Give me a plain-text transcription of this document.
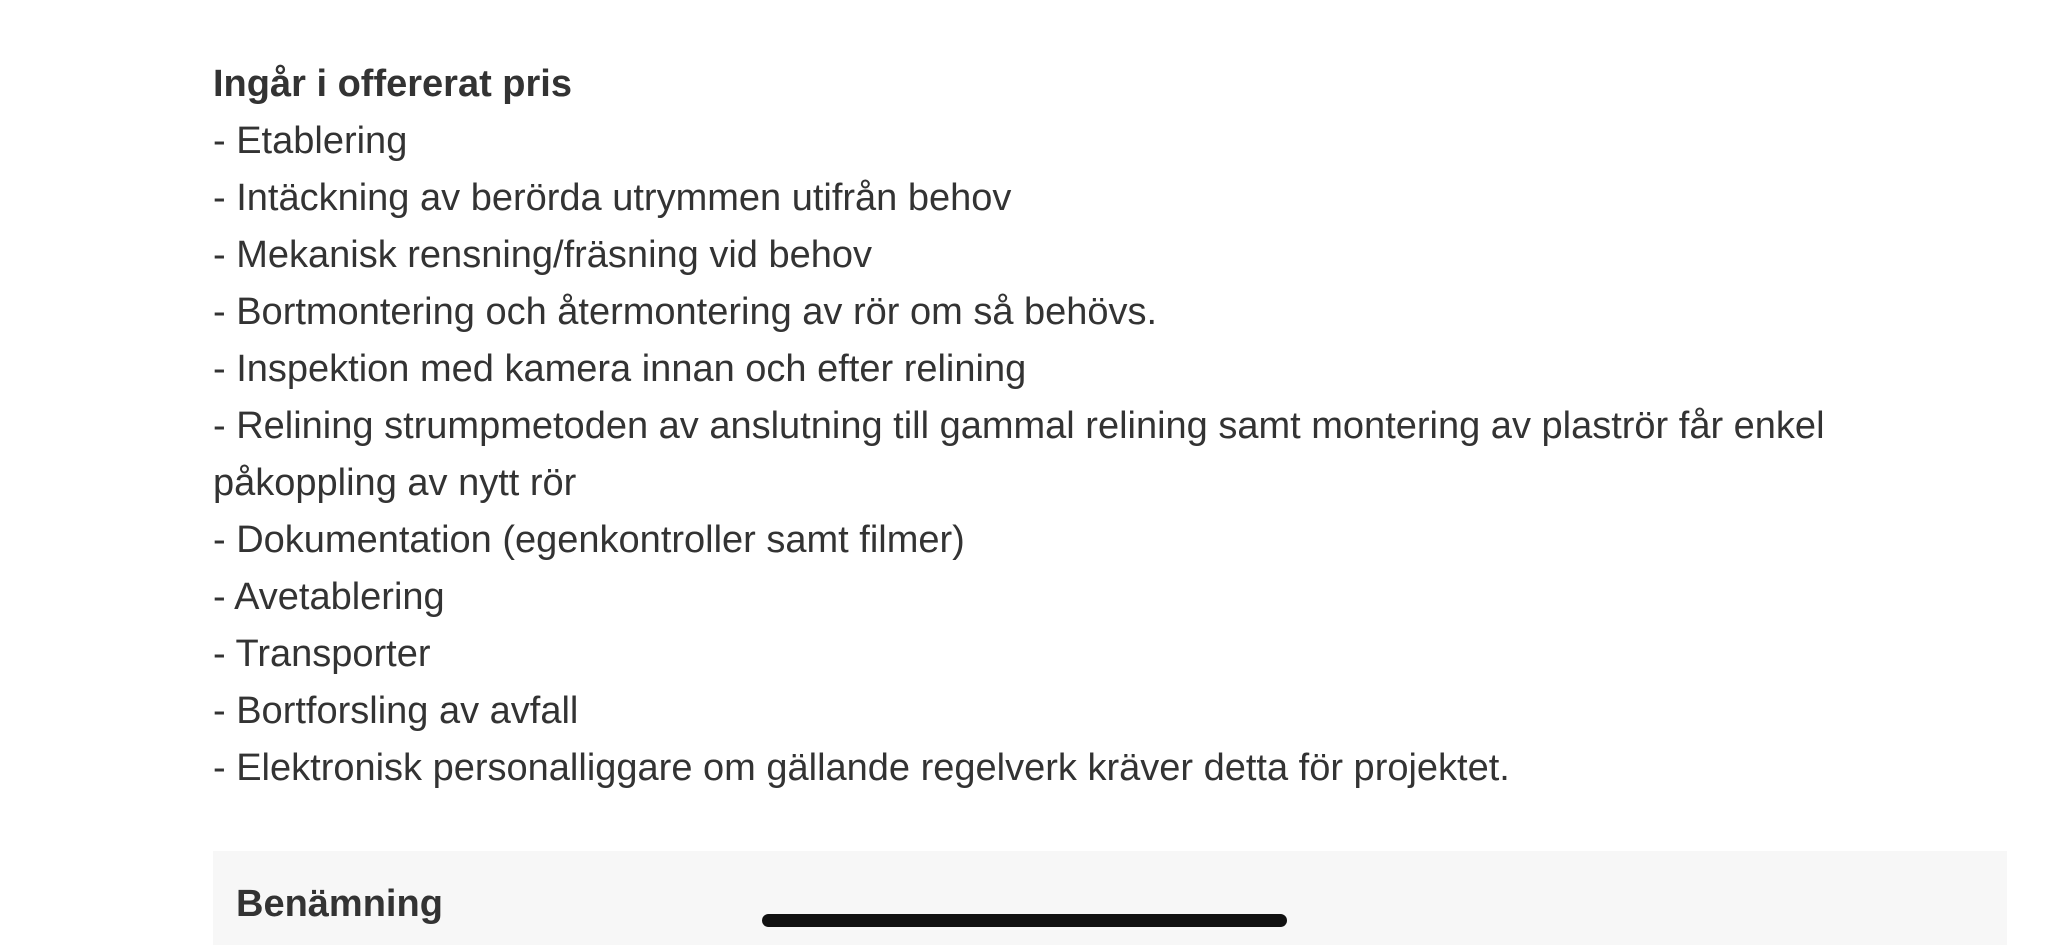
Ingår i offererat pris
- Etablering
- Intäckning av berörda utrymmen utifrån behov
- Mekanisk rensning/fräsning vid behov
- Bortmontering och återmontering av rör om så behövs.
- Inspektion med kamera innan och efter relining
- Relining strumpmetoden av anslutning till gammal relining samt montering av plaströr får enkel påkoppling av nytt rör
- Dokumentation (egenkontroller samt filmer)
- Avetablering
- Transporter
- Bortforsling av avfall
- Elektronisk personalliggare om gällande regelverk kräver detta för projektet.
Benämning
